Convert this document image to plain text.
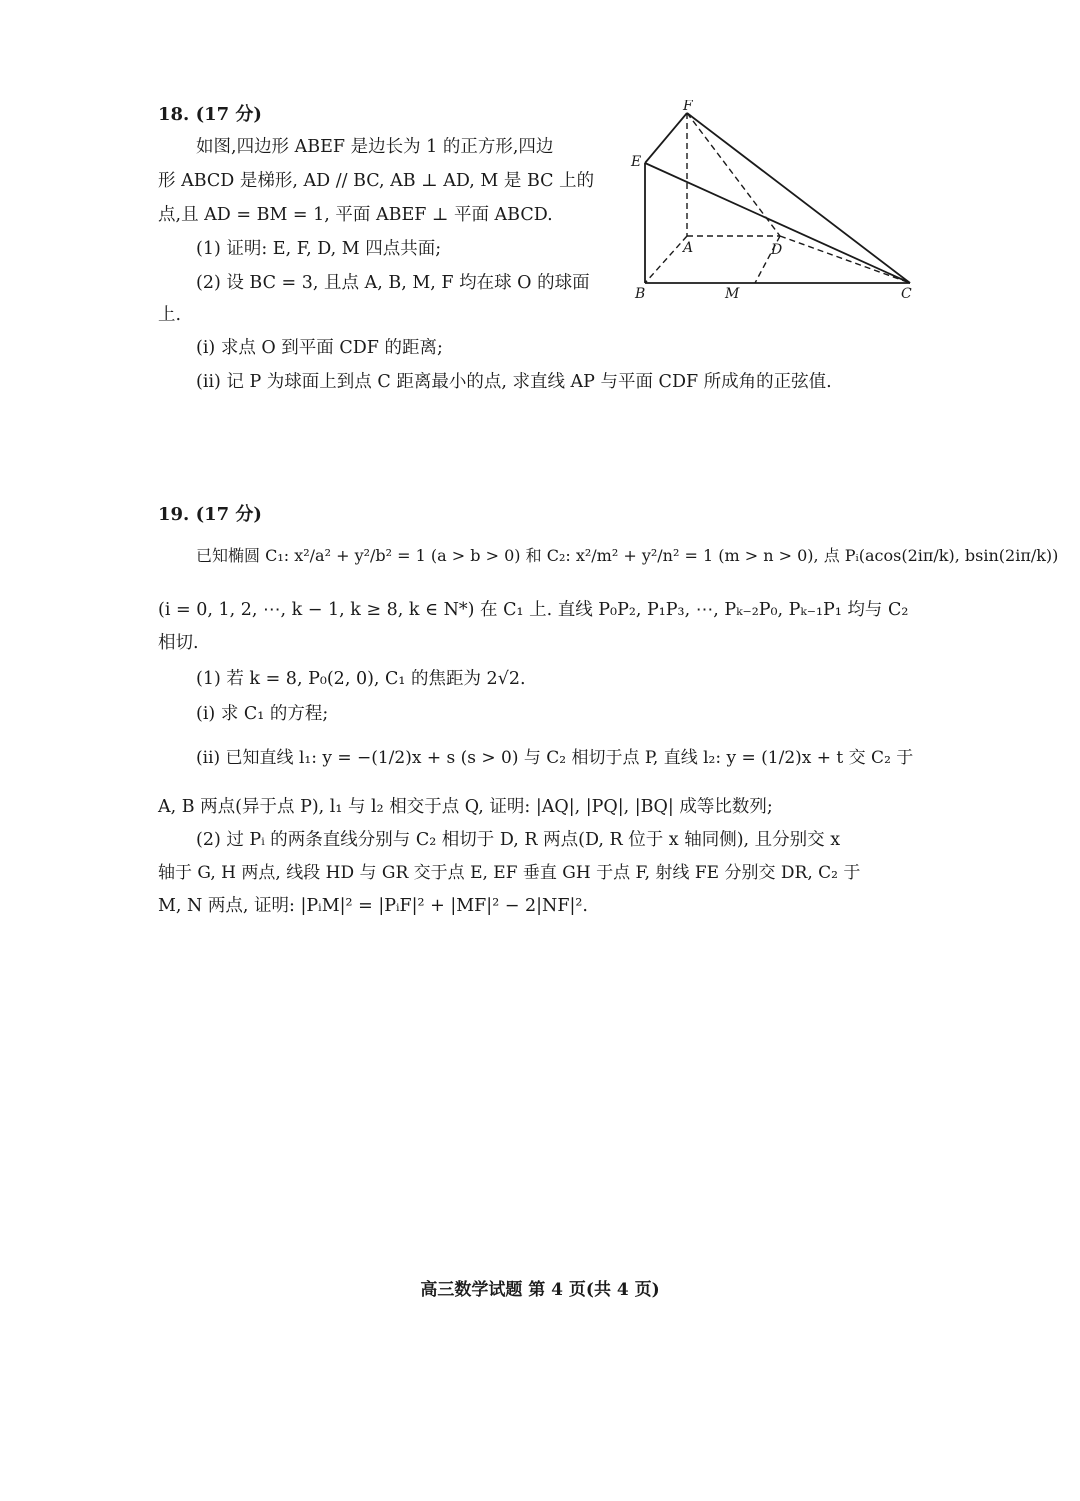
18. (17 分)
如图,四边形 ABEF 是边长为 1 的正方形,四边
形 ABCD 是梯形, AD // BC, AB ⊥ AD, M 是 BC 上的
点,且 AD = BM = 1, 平面 ABEF ⊥ 平面 ABCD.
(1) 证明: E, F, D, M 四点共面;
(2) 设 BC = 3, 且点 A, B, M, F 均在球 O 的球面
上.
(ⅰ) 求点 O 到平面 CDF 的距离;
(ⅱ) 记 P 为球面上到点 C 距离最小的点, 求直线 AP 与平面 CDF 所成角的正弦值.
F
E
A	D
B	M	C
19. (17 分)
已知椭圆 C₁: x²/a² + y²/b² = 1 (a > b > 0) 和 C₂: x²/m² + y²/n² = 1 (m > n > 0), 点 Pᵢ(acos(2iπ/k), bsin(2iπ/k))
(i = 0, 1, 2, ⋯, k − 1, k ≥ 8, k ∈ N*) 在 C₁ 上. 直线 P₀P₂, P₁P₃, ⋯, Pₖ₋₂P₀, Pₖ₋₁P₁ 均与 C₂
相切.
(1) 若 k = 8, P₀(2, 0), C₁ 的焦距为 2√2.
(ⅰ) 求 C₁ 的方程;
(ⅱ) 已知直线 l₁: y = −(1/2)x + s (s > 0) 与 C₂ 相切于点 P, 直线 l₂: y = (1/2)x + t 交 C₂ 于
A, B 两点(异于点 P), l₁ 与 l₂ 相交于点 Q, 证明: |AQ|, |PQ|, |BQ| 成等比数列;
(2) 过 Pᵢ 的两条直线分别与 C₂ 相切于 D, R 两点(D, R 位于 x 轴同侧), 且分别交 x
轴于 G, H 两点, 线段 HD 与 GR 交于点 E, EF 垂直 GH 于点 F, 射线 FE 分别交 DR, C₂ 于
M, N 两点, 证明: |PᵢM|² = |PᵢF|² + |MF|² − 2|NF|².
高三数学试题 第 4 页(共 4 页)
